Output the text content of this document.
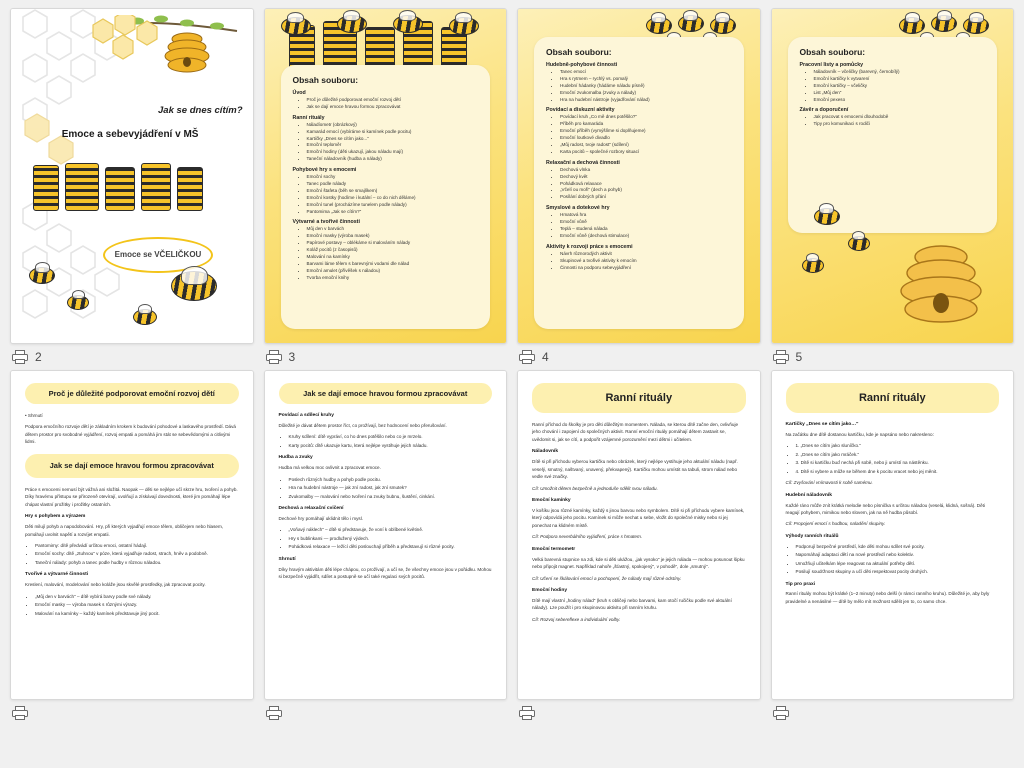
Jak se dnes cítím?
Emoce a sebevyjádření v MŠ
Emoce se VČELIČKOU
2
Obsah souboru:
Úvod
• Proč je důležité podporovat emoční rozvoj dětí
• Jak se dají emoce hravou formou zpracovávat
Ranní rituály
• Náladíometr (obrázkový)
• Kamarád emocí (vybíráme si kamínek podle pocitu)
• Kartičky „Dnes se cítím jako..."
• Emoční teploměr
• Emoční hodiny (děti ukazují, jakou náladu mají)
• Taneční náladovník (hudba a nálady)
Pohybové hry s emocemi
• Emoční sochy
• Tanec podle nálady
• Emoční štafeta (běh se smajlíkem)
• Emoční kostky (hodíme i kutální – co do nich děláme)
• Emoční tunel (procházíme tunelem podle nálady)
• Pantomima „Jak se cítím?"
Výtvarné a tvořivé činnosti
• Můj den v barvách
• Emoční masky (výroba masek)
• Papírové postavy – oblékáme si malováním nálady
• Koláž pocitů (z časopisů)
• Malování na kamínky
• Barvami láme tělem s barevnými vodami dle nálad
• Emoční amulet (přívěšek s náladou)
• Tvorba emoční knihy
3
Obsah souboru:
Hudebně-pohybové činnosti
• Tanec emocí
• Hra s rytmem – rychlý vs. pomalý
• Hudební hádanky (hádáme náladu písně)
• Emoční zvukomalba (zvuky a nálady)
• Hra na hudební nástroje (vyjadřování nálad)
Povídací a diskuzní aktivity
• Povídací kruh „Co mě dnes potěšilo?"
• Příběh pro kamaráda
• Emoční příběh (vymýšlíme si doplňujeme)
• Emoční loutkové divadlo
• „Můj radost, tvoje radost" (sdílení)
• Karta pocitů – společné rozbory situací
Relaxační a dechová činnosti
• Dechová vlnka
• Dechový květ
• Pohádková relaxace
• „Včelí ou moři" (dech a pohyb)
• Posílání dobrých přání
Smyslové a dotekové hry
• Hmatová hra
• Emoční vůně
• Teplá – studená nálada
• Emoční vůně (dechová stimulace)
Aktivity k rozvoji práce s emocemi
• Návrh různorodých aktivit
• Skupinové a tvořivé aktivity k emocím
• Činnosti na podporu sebevyjádření
4
Obsah souboru:
Pracovní listy a pomůcky
• Náladovník – včeličky (barevný, černobílý)
• Emoční kartičky k vytvarení
• Emoční kartičky – včeličky
• List „Můj den"
• Emoční pexeso
Závěr a doporučení
• Jak pracovat s emocemi dlouhodobě
• Tipy pro komunikaci s rodiči
5
Proč je důležité podporovat emoční rozvoj dětí

• Shrnutí

Podpora emočního rozvoje dětí je základním krokem k budování pohodové a laskavého prostředí. Dává dětem prostor pro svobodné vyjádření, rozvoj empatii a pomáhá jim stát se sebevědomými a citlivými lidmi.

Jak se dají emoce hravou formou zpracovávat

Práce s emocemi nemusí být vážná ani složitá. Naopak — děti se nejlépe učí skrze hru, tvoření a pohyb. Díky hravému přístupu se přirozeně otevírají, uvolňují a získávají dovednosti, které jim pomáhají lépe chápat vlastní prožitky i prožitky ostatních.

Hry s pohybem a výrazem

Děti milují pohyb a napodobování. Hry, při kterých vyjadřují emoce tělem, obličejem nebo hlasem, pomáhají uvolnit napětí a rozvíjet empatii.

• Pantomimy: dítě předvádí určitou emoci, ostatní hádají.
• Emoční sochy: dítě „ztuhnou" v póze, která vyjadřuje radost, strach, hněv a podobně.
• Taneční nálady: pohyb a tanec podle hudby v různou náladou.
Tvořivé a výtvarné činnosti

Kreslení, malování, modelování nebo koláže jsou skvělé prostředky, jak zpracovat pocity.

• „Můj den v barvách" – dítě vybírá barvy podle své nálady.
• Emoční masky — výroba masek s různými výrazy.
• Malování na kamínky – každý kamínek představuje jiný pocit.
Jak se dají emoce hravou formou zpracovávat
Povídací a sdílecí kruhy

Důležité je dávat dětem prostor říct, co prožívají, bez hodnocení nebo přerušování.

• Kruhy sdílení: dítě vypráví, co ho dnes potěšilo nebo co je mrzelo.
• Karty pocitů: dítě ukazuje kartu, která nejlépe vystihuje jejich náladu.
Hudba a zvuky

Hudba má velkou moc ovlivnit a zpracovat emoce.

• Poslech různých hudby a pohyb podle pocitu.
• Hra na hudební nástroje — jak zní radost, jak zní smutek?
• Zvukomalby — malování nebo tvoření na zvuky bubnu, šustění, cinkání.
Dechová a relaxační cvičení

Dechové hry pomáhají uklidnit tělo i mysl.

• „Voňavý náklech" – dítě si představuje, že voní k oblíbené květině.
• Hry s bublinkami — prodlužený výdech.
• Pohádková relaxace — ležící děti poslouchají příběh a představují si různé pocity.
Shrnutí

Díky hravým aktivitám děti lépe chápou, co prožívají, a učí se, že všechny emoce jsou v pořádku. Mohou si bezpečně vyjádřit, sdílet a postupně se učí také regulaci svých pocitů.

Ranní rituály

Ranní příchod do školky je pro děti důležitým momentem. Nálada, se kterou dítě začne den, ovlivňuje jeho chování i zapojení do společných aktivit. Ranní emoční rituály pomáhají dětem zastavit se, uvědomit si, jak se cítí, a podpořit vzájemné porozumění mezi dětmi i učitelem.

Náladovník

Dítě si při příchodu vyberou kartičku nebo obrázek, který nejlépe vystihuje jeho aktuální náladu (např. veselý, smutný, naštvaný, unavený, překvapený). Kartičku mohou umístit na tabuli, strom nálad nebo vedle své značky.

Cíl: Umožnit dětem bezpečně a jednoduše sdělit svou náladu.

Emoční kamínky

V košíku jsou různé kamínky, každý s jinou barvou nebo symbolem. Dítě si při příchodu vybere kamínek, který odpovídá jeho pocitu. Kamínek si může nechat u sebe, vložit do společné misky nebo si jej ponechat na klidném místě.

Cíl: Podpora neverbálního vyjádření, práce s hmatem.

Emoční termometr

Velká barevná stupnice na zdi, kde si děti ukážou, „jak vysoko" je jejich nálada — mohou posunout šipku nebo připojit magnet. Například nahoře „šťastný, spokojený", v pohodě", dole „smutný".

Cíl: Učení se škálování emocí a pochopení, že nálady mají různé odstíny.

Emoční hodiny

Dítě mají vlastní „hodiny nálad" (kruh s obličeji nebo barvami, kam otočí ručičku podle své aktuální nálady). Lze použít i pro skupinovou aktivitu při ranním kruhu.

Cíl: Rozvoj sebereflexe a individuální volby.

Ranní rituály
Kartičky „Dnes se cítím jako…"

Na začátku dne dítě dostanou kartičku, kde je napsáno nebo nakresleno:

• 1. „Dnes se cítím jako sluníčko."
• 2. „Dnes se cítím jako mráček."
• 3. Dítě si kartičku buď nechá při sobě, nebo ji umístí na nástěnku.
• 4. Dítě si vybere a může se během dne k pocitu vracet nebo jej měnit.

Cíl: Zvyšování vnímavosti k sobě samému.

Hudební náladovník

Každé ráno může znít krátká melodie nebo písnička s určitou náladou (veselá, klidná, sošná). Děti reagují pohybem, mimikou nebo slovem, jak na ně hudba působí.

Cíl: Propojení emocí s hudbou, naladění skupiny.

Výhody ranních rituálů
• Podporují bezpečné prostředí, kde děti mohou sdílet své pocity.
• Napomáhají adaptaci dětí na nové prostředí nebo kolektiv.
• Umožňují učitelkám lépe reagovat na aktuální potřeby dětí.
• Posilují soudržnost skupiny a učí děti respektovat pocity druhých.
Tip pro praxi

Ranní rituály mohou být krátké (1–2 minuty) nebo delší (v rámci ranního kruhu). Důležité je, aby byly pravidelné a nenásilné — dítě by mělo mít možnost sdělit jen to, co samo chce.
